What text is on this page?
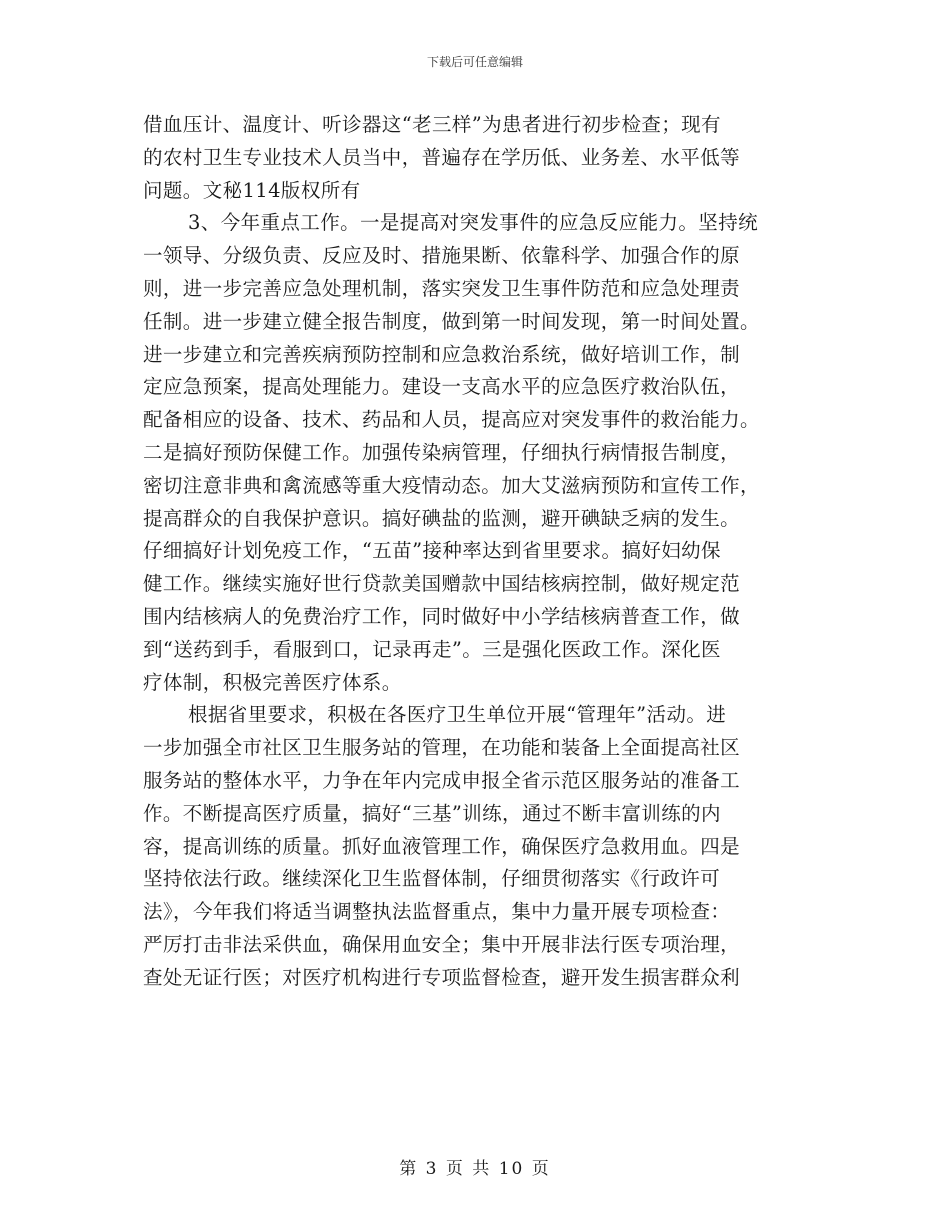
下载后可任意编辑
借血压计、温度计、听诊器这“老三样”为患者进行初步检查；现有
的农村卫生专业技术人员当中，普遍存在学历低、业务差、水平低等
问题。文秘114版权所有
3、今年重点工作。一是提高对突发事件的应急反应能力。坚持统
一领导、分级负责、反应及时、措施果断、依靠科学、加强合作的原
则，进一步完善应急处理机制，落实突发卫生事件防范和应急处理责
任制。进一步建立健全报告制度，做到第一时间发现，第一时间处置。
进一步建立和完善疾病预防控制和应急救治系统，做好培训工作，制
定应急预案，提高处理能力。建设一支高水平的应急医疗救治队伍，
配备相应的设备、技术、药品和人员，提高应对突发事件的救治能力。
二是搞好预防保健工作。加强传染病管理，仔细执行病情报告制度，
密切注意非典和禽流感等重大疫情动态。加大艾滋病预防和宣传工作，
提高群众的自我保护意识。搞好碘盐的监测，避开碘缺乏病的发生。
仔细搞好计划免疫工作，“五苗”接种率达到省里要求。搞好妇幼保
健工作。继续实施好世行贷款美国赠款中国结核病控制，做好规定范
围内结核病人的免费治疗工作，同时做好中小学结核病普查工作，做
到“送药到手，看服到口，记录再走”。三是强化医政工作。深化医
疗体制，积极完善医疗体系。
根据省里要求，积极在各医疗卫生单位开展“管理年”活动。进
一步加强全市社区卫生服务站的管理，在功能和装备上全面提高社区
服务站的整体水平，力争在年内完成申报全省示范区服务站的准备工
作。不断提高医疗质量，搞好“三基”训练，通过不断丰富训练的内
容，提高训练的质量。抓好血液管理工作，确保医疗急救用血。四是
坚持依法行政。继续深化卫生监督体制，仔细贯彻落实《行政许可
法》，今年我们将适当调整执法监督重点，集中力量开展专项检查：
严厉打击非法采供血，确保用血安全；集中开展非法行医专项治理，
查处无证行医；对医疗机构进行专项监督检查，避开发生损害群众利
第 3 页 共 10 页
